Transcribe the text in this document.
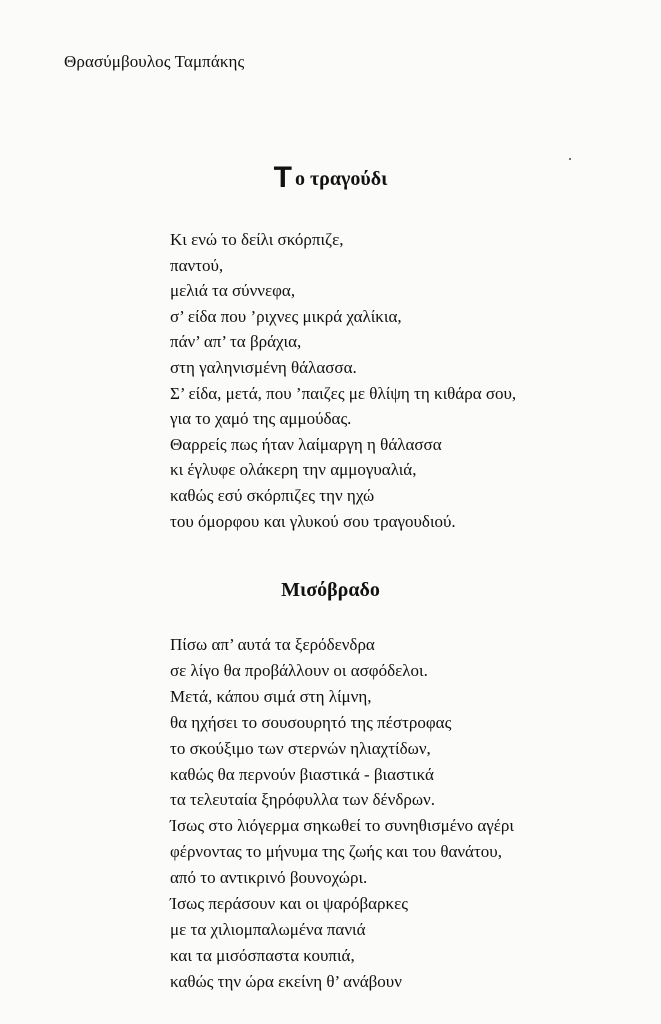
Θρασύμβουλος Ταμπάκης
Το τραγούδι
Κι ενώ το δείλι σκόρπιζε,
παντού,
μελιά τα σύννεφα,
σ’ είδα που ’ριχνες μικρά χαλίκια,
πάν’ απ’ τα βράχια,
στη γαληνισμένη θάλασσα.
Σ’ είδα, μετά, που ’παιζες με θλίψη τη κιθάρα σου,
για το χαμό της αμμούδας.
Θαρρείς πως ήταν λαίμαργη η θάλασσα
κι έγλυφε ολάκερη την αμμογυαλιά,
καθώς εσύ σκόρπιζες την ηχώ
του όμορφου και γλυκού σου τραγουδιού.
Μισόβραδο
Πίσω απ’ αυτά τα ξερόδενδρα
σε λίγο θα προβάλλουν οι ασφόδελοι.
Μετά, κάπου σιμά στη λίμνη,
θα ηχήσει το σουσουρητό της πέστροφας
το σκούξιμο των στερνών ηλιαχτίδων,
καθώς θα περνούν βιαστικά - βιαστικά
τα τελευταία ξηρόφυλλα των δένδρων.
Ίσως στο λιόγερμα σηκωθεί το συνηθισμένο αγέρι
φέρνοντας το μήνυμα της ζωής και του θανάτου,
από το αντικρινό βουνοχώρι.
Ίσως περάσουν και οι ψαρόβαρκες
με τα χιλιομπαλωμένα πανιά
και τα μισόσπαστα κουπιά,
καθώς την ώρα εκείνη θ’ ανάβουν
